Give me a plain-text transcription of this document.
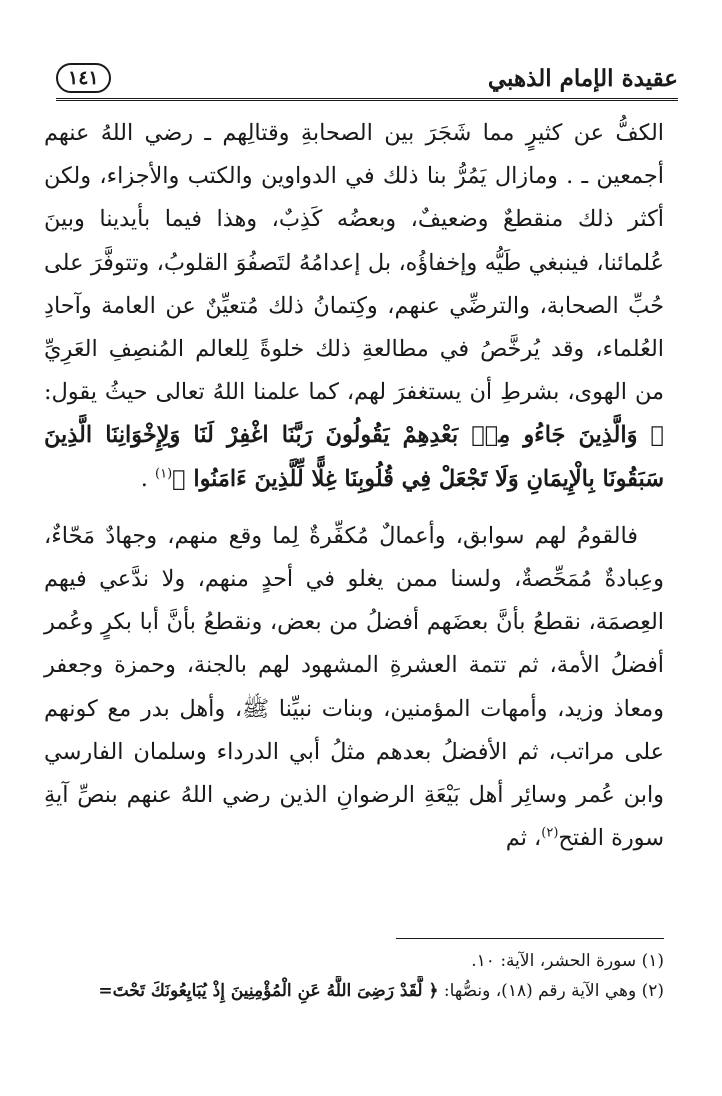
عقيدة الإمام الذهبي
١٤١

الكفُّ عن كثيرٍ مما شَجَرَ بين الصحابةِ وقتالِهم ـ رضي اللهُ عنهم أجمعين ـ . ومازال يَمُرُّ بنا ذلك في الدواوين والكتب والأجزاء، ولكن أكثر ذلك منقطعٌ وضعيفٌ، وبعضُه كَذِبٌ، وهذا فيما بأيدينا وبينَ عُلمائنا، فينبغي طَيُّه وإخفاؤُه، بل إعدامُهُ لتَصفُوَ القلوبُ، وتتوفَّرَ على حُبِّ الصحابة، والترضِّي عنهم، وكِتمانُ ذلك مُتعيِّنٌ عن العامة وآحادِ العُلماء، وقد يُرخَّصُ في مطالعةِ ذلك خلوةً لِلعالم المُنصِفِ العَرِيِّ من الهوى، بشرطِ أن يستغفرَ لهم، كما علمنا اللهُ تعالى حيثُ يقول: ﴿ وَالَّذِينَ جَاءُو مِنۢ بَعْدِهِمْ يَقُولُونَ رَبَّنَا اغْفِرْ لَنَا وَلِإِخْوَانِنَا الَّذِينَ سَبَقُونَا بِالْإِيمَانِ وَلَا تَجْعَلْ فِي قُلُوبِنَا غِلًّا لِّلَّذِينَ ءَامَنُوا ﴾$^{(١)}$ .

فالقومُ لهم سوابق، وأعمالٌ مُكفِّرةٌ لِما وقع منهم، وجهادٌ مَحّاءٌ، وعِبادةٌ مُمَحِّصةٌ، ولسنا ممن يغلو في أحدٍ منهم، ولا ندَّعي فيهم العِصمَة، نقطعُ بأنَّ بعضَهم أفضلُ من بعض، ونقطعُ بأنَّ أبا بكرٍ وعُمر أفضلُ الأمة، ثم تتمة العشرةِ المشهود لهم بالجنة، وحمزة وجعفر ومعاذ وزيد، وأمهات المؤمنين، وبنات نبيِّنا ﷺ، وأهل بدر مع كونهم على مراتب، ثم الأفضلُ بعدهم مثلُ أبي الدرداء وسلمان الفارسي وابن عُمر وسائِر أهل بَيْعَةِ الرضوانِ الذين رضي اللهُ عنهم بنصِّ آيةِ سورة الفتح$^{(٢)}$، ثم

(١) سورة الحشر، الآية: ١٠.

(٢) وهي الآية رقم (١٨)، ونصُّها: ﴿ لَّقَدْ رَضِىَ اللَّهُ عَنِ الْمُؤْمِنِينَ إِذْ يُبَايِعُونَكَ تَحْتَ=
